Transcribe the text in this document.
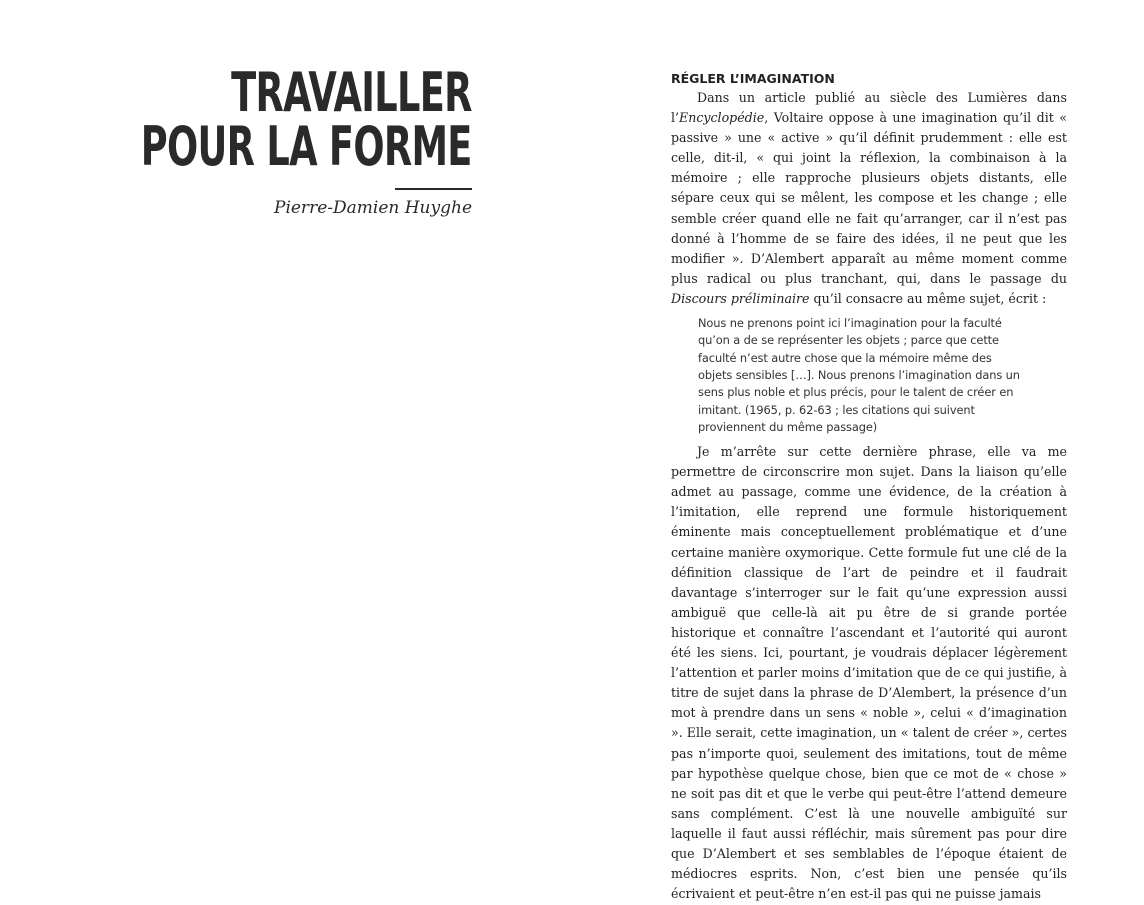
TRAVAILLER
POUR LA FORME
Pierre-Damien Huyghe
RÉGLER L’IMAGINATION

Dans un article publié au siècle des Lumières dans l’Encyclopédie, Voltaire oppose à une imagination qu’il dit « passive » une « active » qu’il définit prudemment : elle est celle, dit-il, « qui joint la réflexion, la combinaison à la mémoire ; elle rapproche plusieurs objets distants, elle sépare ceux qui se mêlent, les compose et les change ; elle semble créer quand elle ne fait qu’arranger, car il n’est pas donné à l’homme de se faire des idées, il ne peut que les modifier ». D’Alembert apparaît au même moment comme plus radical ou plus tranchant, qui, dans le passage du Discours préliminaire qu’il consacre au même sujet, écrit :

Nous ne prenons point ici l’imagination pour la faculté qu’on a de se représenter les objets ; parce que cette faculté n’est autre chose que la mémoire même des objets sensibles […]. Nous prenons l’imagination dans un sens plus noble et plus précis, pour le talent de créer en imitant. (1965, p. 62-63 ; les citations qui suivent proviennent du même passage)

Je m’arrête sur cette dernière phrase, elle va me permettre de circonscrire mon sujet. Dans la liaison qu’elle admet au passage, comme une évidence, de la création à l’imitation, elle reprend une formule historiquement éminente mais conceptuellement problématique et d’une certaine manière oxymorique. Cette formule fut une clé de la définition classique de l’art de peindre et il faudrait davantage s’interroger sur le fait qu’une expression aussi ambiguë que celle-là ait pu être de si grande portée historique et connaître l’ascendant et l’autorité qui auront été les siens. Ici, pourtant, je voudrais déplacer légèrement l’attention et parler moins d’imitation que de ce qui justifie, à titre de sujet dans la phrase de D’Alembert, la présence d’un mot à prendre dans un sens « noble », celui « d’imagination ». Elle serait, cette imagination, un « talent de créer », certes pas n’importe quoi, seulement des imitations, tout de même par hypothèse quelque chose, bien que ce mot de « chose » ne soit pas dit et que le verbe qui peut-être l’attend demeure sans complément. C’est là une nouvelle ambiguïté sur laquelle il faut aussi réfléchir, mais sûrement pas pour dire que D’Alembert et ses semblables de l’époque étaient de médiocres esprits. Non, c’est bien une pensée qu’ils écrivaient et peut-être n’en est-il pas qui ne puisse jamais
